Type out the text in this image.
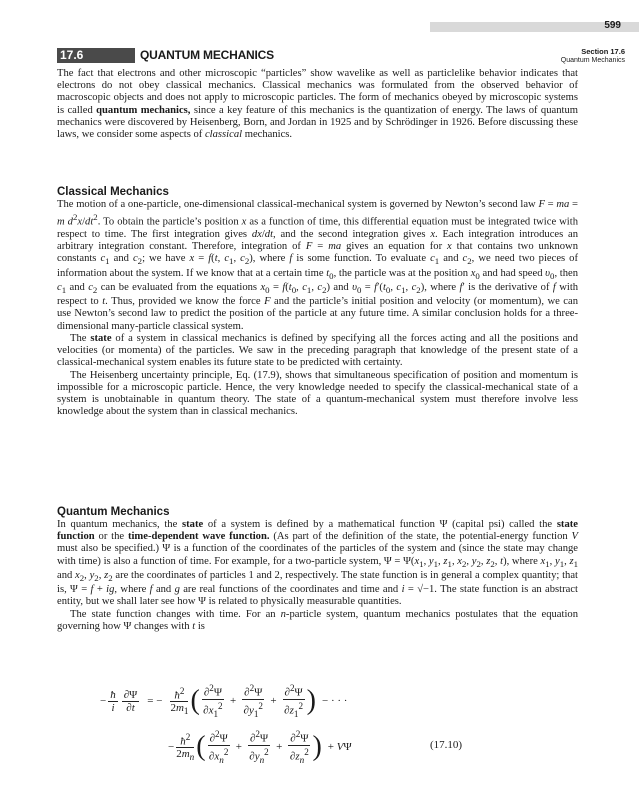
599
17.6	QUANTUM MECHANICS	Section 17.6
Quantum Mechanics

The fact that electrons and other microscopic “particles” show wavelike as well as particlelike behavior indicates that electrons do not obey classical mechanics. Classical mechanics was formulated from the observed behavior of macroscopic objects and does not apply to microscopic particles. The form of mechanics obeyed by microscopic systems is called quantum mechanics, since a key feature of this mechanics is the quantization of energy. The laws of quantum mechanics were discovered by Heisenberg, Born, and Jordan in 1925 and by Schrödinger in 1926. Before discussing these laws, we consider some aspects of classical mechanics.

Classical Mechanics

The motion of a one-particle, one-dimensional classical-mechanical system is governed by Newton’s second law F = ma = m $d^2x/dt^2$. To obtain the particle’s position x as a function of time, this differential equation must be integrated twice with respect to time. The first integration gives dx/dt, and the second integration gives x. Each integration introduces an arbitrary integration constant. Therefore, integration of F = ma gives an equation for x that contains two unknown constants $c_1$ and $c_2$; we have x = f(t, $c_1$, $c_2$), where f is some function. To evaluate $c_1$ and $c_2$, we need two pieces of information about the system. If we know that at a certain time $t_0$, the particle was at the position $x_0$ and had speed $\upsilon_0$, then $c_1$ and $c_2$ can be evaluated from the equations $x_0 = f(t_0$, $c_1$, $c_2$) and $\upsilon_0 = f'(t_0$, $c_1$, $c_2$), where f′ is the derivative of f with respect to t. Thus, provided we know the force F and the particle’s initial position and velocity (or momentum), we can use Newton’s second law to predict the position of the particle at any future time. A similar conclusion holds for a three-dimensional many-particle classical system.

The state of a system in classical mechanics is defined by specifying all the forces acting and all the positions and velocities (or momenta) of the particles. We saw in the preceding paragraph that knowledge of the present state of a classical-mechanical system enables its future state to be predicted with certainty.

The Heisenberg uncertainty principle, Eq. (17.9), shows that simultaneous specification of position and momentum is impossible for a microscopic particle. Hence, the very knowledge needed to specify the classical-mechanical state of a system is unobtainable in quantum theory. The state of a quantum-mechanical system must therefore involve less knowledge about the system than in classical mechanics.

Quantum Mechanics

In quantum mechanics, the state of a system is defined by a mathematical function Ψ (capital psi) called the state function or the time-dependent wave function. (As part of the definition of the state, the potential-energy function V must also be specified.) Ψ is a function of the coordinates of the particles of the system and (since the state may change with time) is also a function of time. For example, for a two-particle system, $\Psi = \Psi(x_1$, $y_1$, $z_1$, $x_2$, $y_2$, $z_2$, t), where $x_1$, $y_1$, $z_1$ and $x_2$, $y_2$, $z_2$ are the coordinates of particles 1 and 2, respectively. The state function is in general a complex quantity; that is, Ψ = f + ig, where f and g are real functions of the coordinates and time and i = √−1. The state function is an abstract entity, but we shall later see how Ψ is related to physically measurable quantities.

The state function changes with time. For an n-particle system, quantum mechanics postulates that the equation governing how Ψ changes with t is

− $\frac{ħ}{i} \frac{\partial\Psi}{\partial t}$ = − $\frac{ħ^2}{2m_1}$ ( $\frac{\partial^2\Psi}{\partial x_1^2} + \frac{\partial^2\Psi}{\partial y_1^2} + \frac{\partial^2\Psi}{\partial z_1^2}$ ) − · · ·
− $\frac{ħ^2}{2m_n}$ ( $\frac{\partial^2\Psi}{\partial x_n^2} + \frac{\partial^2\Psi}{\partial y_n^2} + \frac{\partial^2\Psi}{\partial z_n^2}$ ) + VΨ	(17.10)
